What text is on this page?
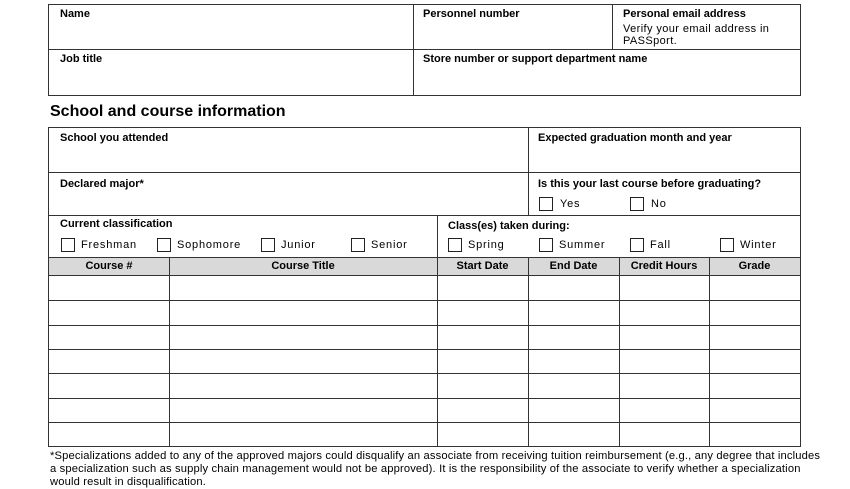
Name	Personnel number	Personal email address
Verify your email address in
PASSport.
Job title	Store number or support department name
School and course information
School you attended	Expected graduation month and year
Declared major*	Is this your last course before graduating?
Yes	No
Current classification
Freshman	Sophomore	Junior	Senior
Class(es) taken during:
Spring	Summer	Fall	Winter
Course #	Course Title	Start Date	End Date	Credit Hours	Grade
*Specializations added to any of the approved majors could disqualify an associate from receiving tuition reimbursement (e.g., any degree that includes
a specialization such as supply chain management would not be approved). It is the responsibility of the associate to verify whether a specialization
would result in disqualification.
